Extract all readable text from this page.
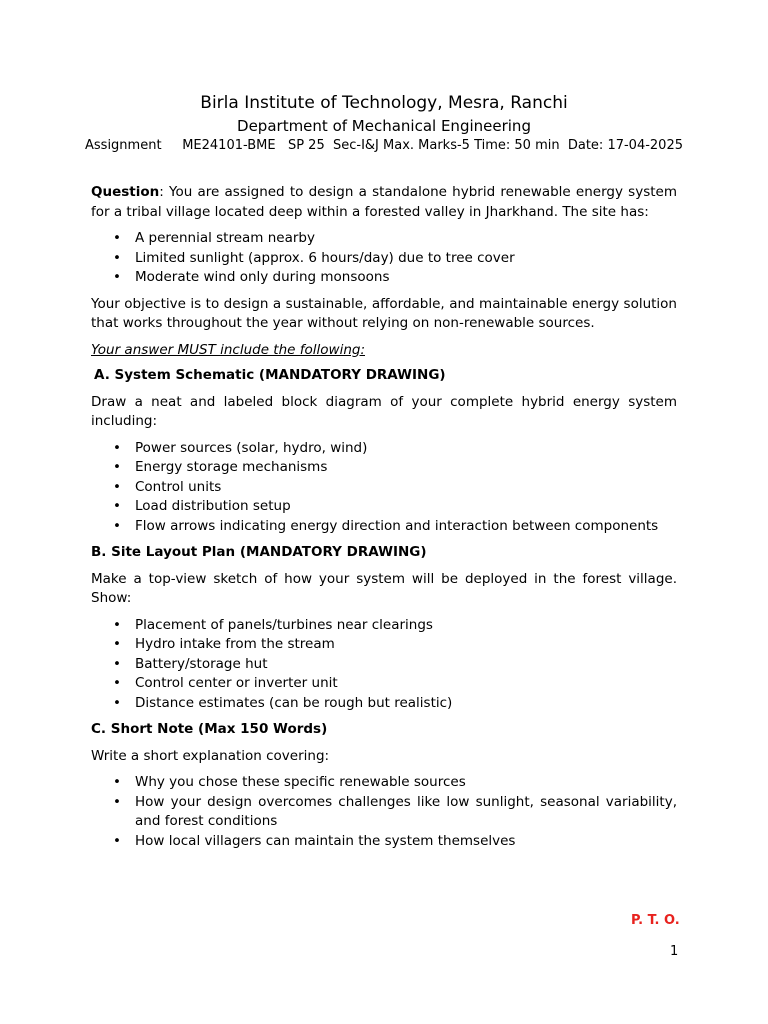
Birla Institute of Technology, Mesra, Ranchi
Department of Mechanical Engineering
Assignment     ME24101-BME   SP 25  Sec-I&J Max. Marks-5 Time: 50 min  Date: 17-04-2025

Question: You are assigned to design a standalone hybrid renewable energy system for a tribal village located deep within a forested valley in Jharkhand. The site has:

• A perennial stream nearby
• Limited sunlight (approx. 6 hours/day) due to tree cover
• Moderate wind only during monsoons

Your objective is to design a sustainable, affordable, and maintainable energy solution that works throughout the year without relying on non-renewable sources.

Your answer MUST include the following:

A. System Schematic (MANDATORY DRAWING)

Draw a neat and labeled block diagram of your complete hybrid energy system including:

• Power sources (solar, hydro, wind)
• Energy storage mechanisms
• Control units
• Load distribution setup
• Flow arrows indicating energy direction and interaction between components

B. Site Layout Plan (MANDATORY DRAWING)

Make a top-view sketch of how your system will be deployed in the forest village. Show:

• Placement of panels/turbines near clearings
• Hydro intake from the stream
• Battery/storage hut
• Control center or inverter unit
• Distance estimates (can be rough but realistic)

C. Short Note (Max 150 Words)

Write a short explanation covering:

• Why you chose these specific renewable sources
• How your design overcomes challenges like low sunlight, seasonal variability, and forest conditions
• How local villagers can maintain the system themselves
P. T. O.
1
